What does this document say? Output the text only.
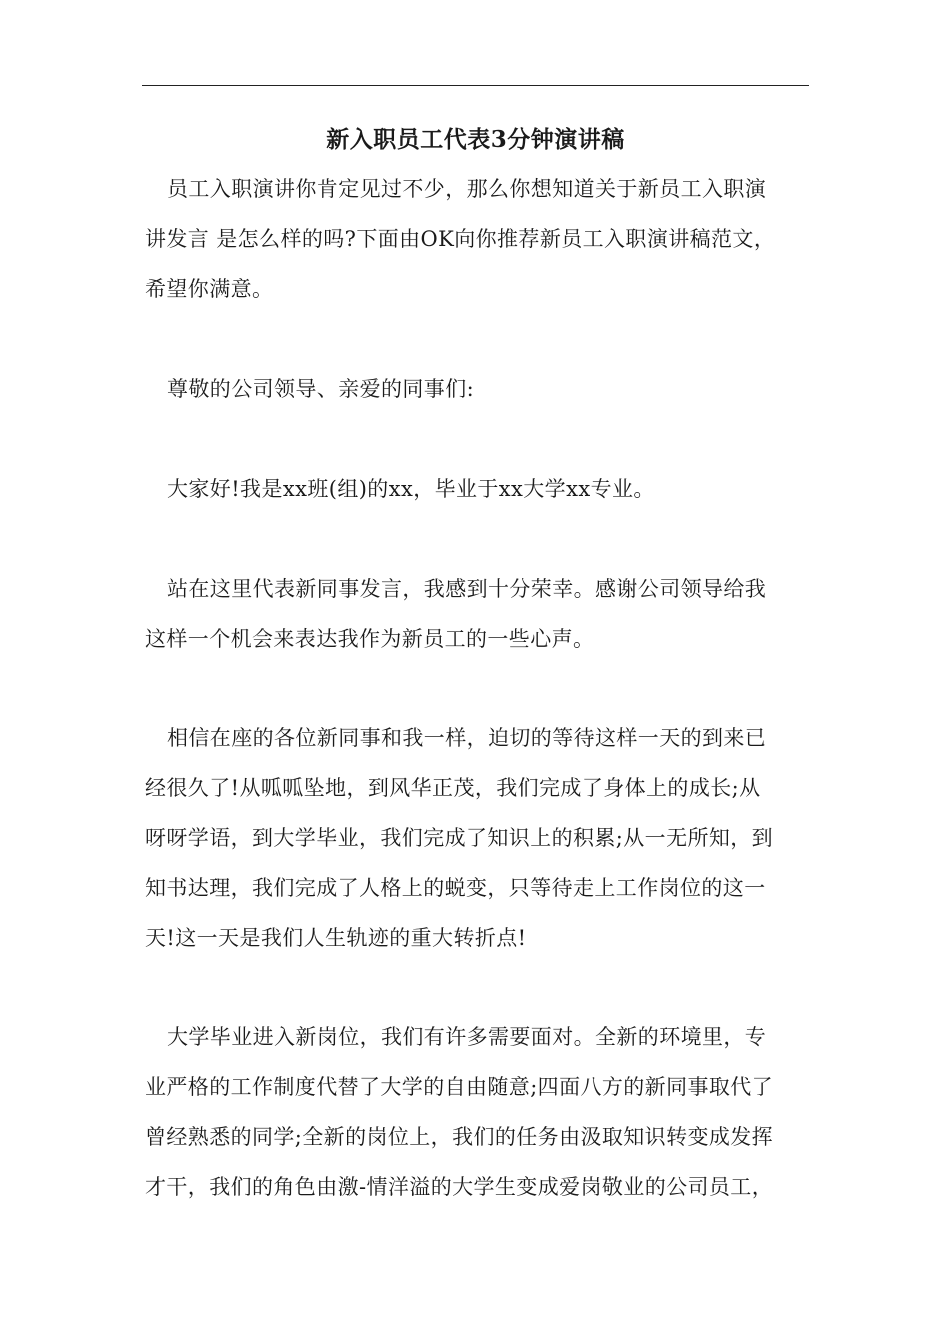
新入职员工代表3分钟演讲稿
员工入职演讲你肯定见过不少，那么你想知道关于新员工入职演
讲发言 是怎么样的吗?下面由OK向你推荐新员工入职演讲稿范文，
希望你满意。
尊敬的公司领导、亲爱的同事们:
大家好!我是xx班(组)的xx，毕业于xx大学xx专业。
站在这里代表新同事发言，我感到十分荣幸。感谢公司领导给我
这样一个机会来表达我作为新员工的一些心声。
相信在座的各位新同事和我一样，迫切的等待这样一天的到来已
经很久了!从呱呱坠地，到风华正茂，我们完成了身体上的成长;从
呀呀学语，到大学毕业，我们完成了知识上的积累;从一无所知，到
知书达理，我们完成了人格上的蜕变，只等待走上工作岗位的这一
天!这一天是我们人生轨迹的重大转折点!
大学毕业进入新岗位，我们有许多需要面对。全新的环境里，专
业严格的工作制度代替了大学的自由随意;四面八方的新同事取代了
曾经熟悉的同学;全新的岗位上，我们的任务由汲取知识转变成发挥
才干，我们的角色由激-情洋溢的大学生变成爱岗敬业的公司员工，
